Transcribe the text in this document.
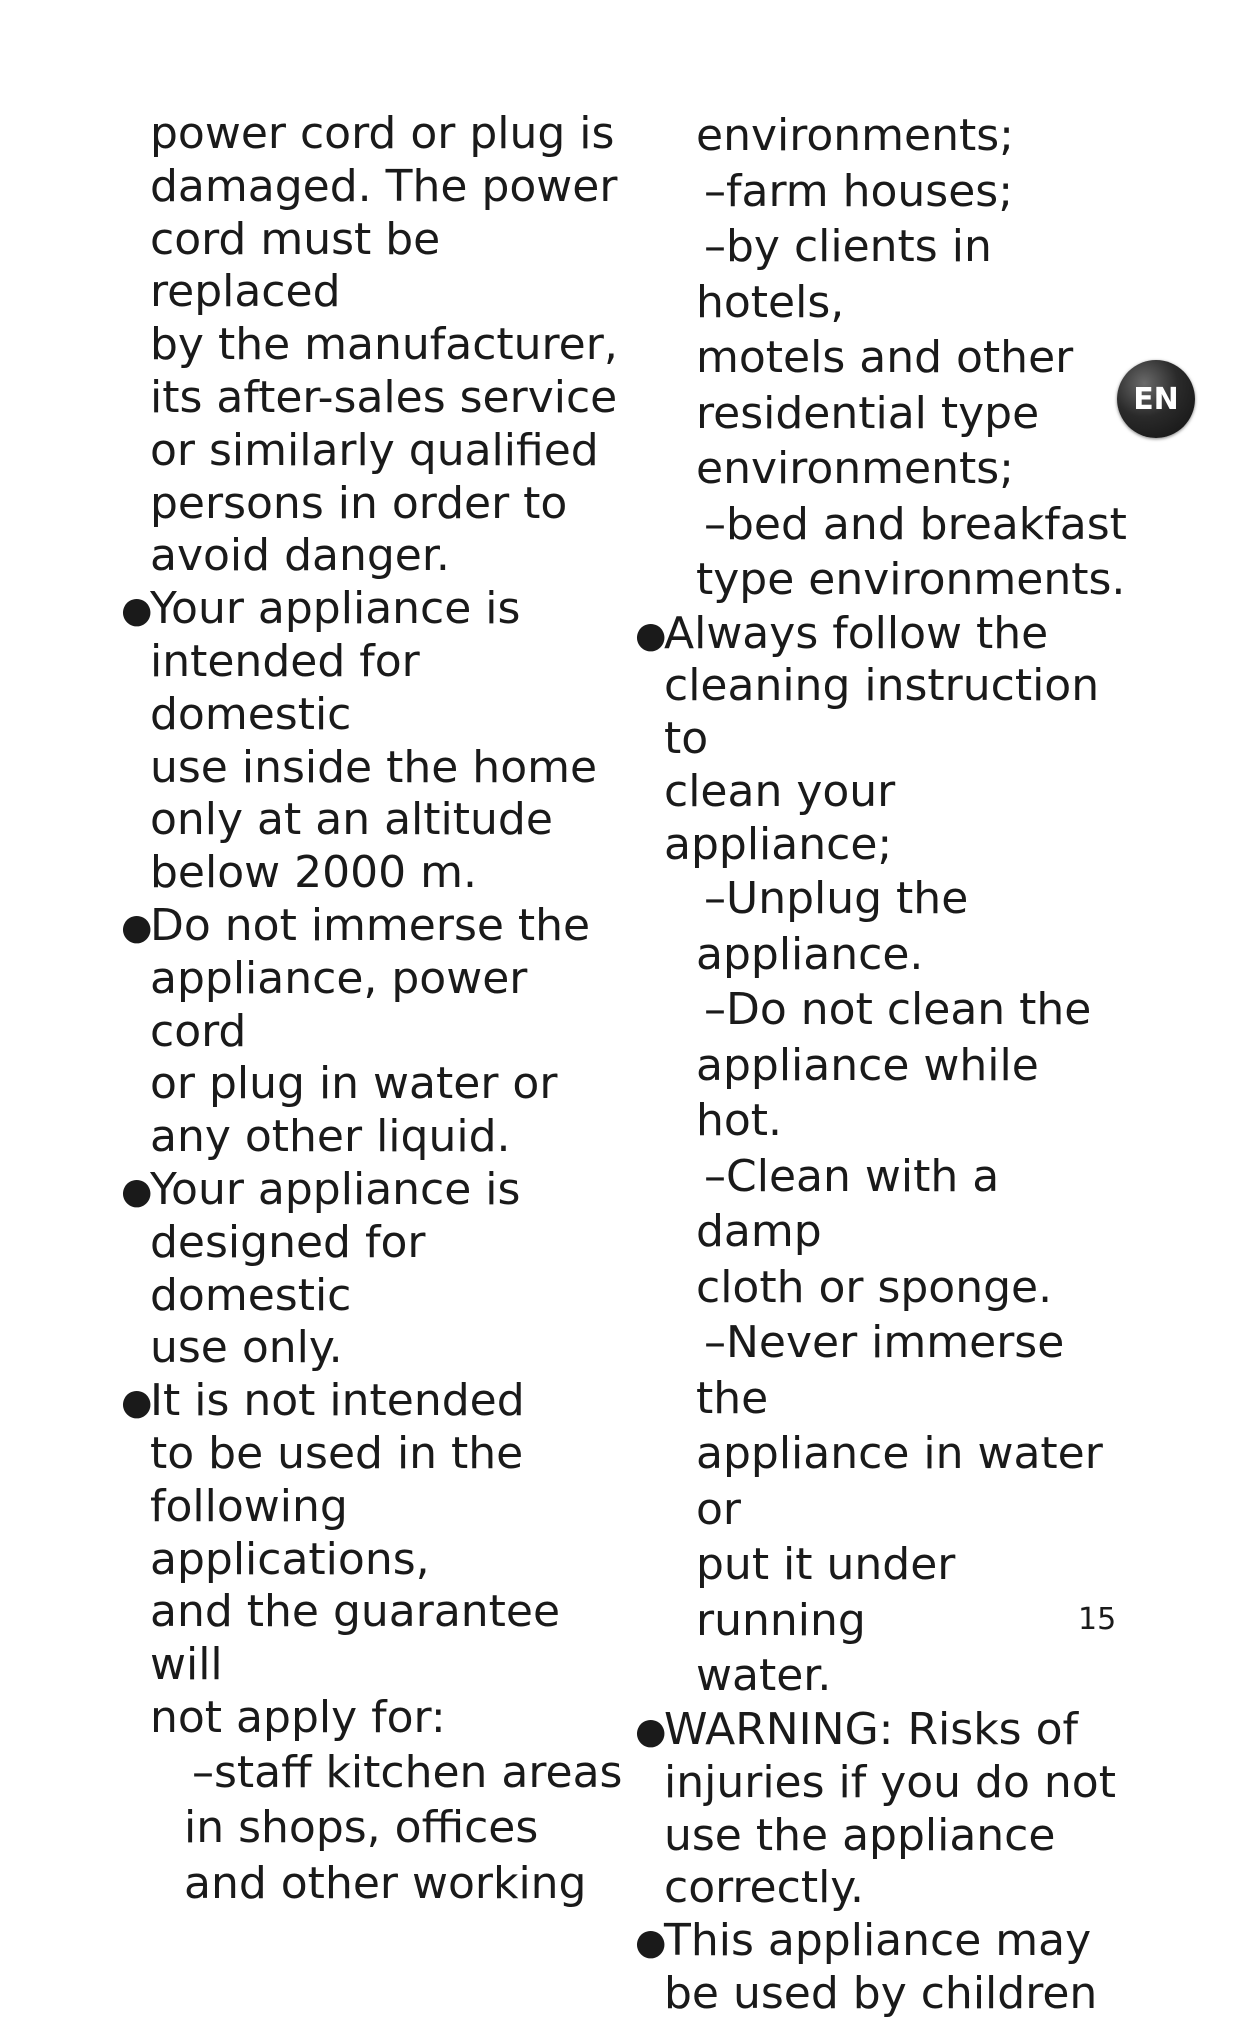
power cord or plug is
damaged. The power
cord must be replaced
by the manufacturer,
its after-sales service
or similarly qualified
persons in order to
avoid danger.

●

Your appliance is
intended for domestic
use inside the home
only at an altitude
below 2000 m.

●

Do not immerse the
appliance, power cord
or plug in water or
any other liquid.

●

Your appliance is
designed for domestic
use only.

●

It is not intended
to be used in the
following applications,
and the guarantee will
not apply for:

–staff kitchen areas
in shops, offices
and other working

environments;

–farm houses;

–by clients in hotels,
motels and other
residential type
environments;

–bed and breakfast
type environments.

●

Always follow the
cleaning instruction to
clean your appliance;

–Unplug the
appliance.

–Do not clean the
appliance while hot.

–Clean with a damp
cloth or sponge.

–Never immerse the
appliance in water or
put it under running
water.

●

WARNING: Risks of
injuries if you do not
use the appliance
correctly.

●

This appliance may
be used by children

EN
15
